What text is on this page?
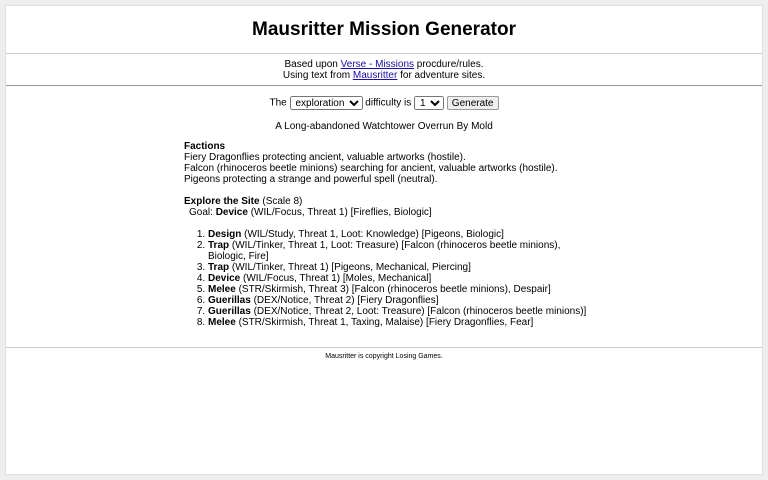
Mausritter Mission Generator
Based upon Verse - Missions procdure/rules.
Using text from Mausritter for adventure sites.
The
exploration	difficulty is
1	Generate
A Long-abandoned Watchtower Overrun By Mold
Factions
Fiery Dragonflies protecting ancient, valuable artworks (hostile).
Falcon (rhinoceros beetle minions) searching for ancient, valuable artworks (hostile).
Pigeons protecting a strange and powerful spell (neutral).
Explore the Site (Scale 8)
Goal: Device (WIL/Focus, Threat 1) [Fireflies, Biologic]
1. Design (WIL/Study, Threat 1, Loot: Knowledge) [Pigeons, Biologic]
2. Trap (WIL/Tinker, Threat 1, Loot: Treasure) [Falcon (rhinoceros beetle minions), Biologic, Fire]
3. Trap (WIL/Tinker, Threat 1) [Pigeons, Mechanical, Piercing]
4. Device (WIL/Focus, Threat 1) [Moles, Mechanical]
5. Melee (STR/Skirmish, Threat 3) [Falcon (rhinoceros beetle minions), Despair]
6. Guerillas (DEX/Notice, Threat 2) [Fiery Dragonflies]
7. Guerillas (DEX/Notice, Threat 2, Loot: Treasure) [Falcon (rhinoceros beetle minions)]
8. Melee (STR/Skirmish, Threat 1, Taxing, Malaise) [Fiery Dragonflies, Fear]
Mausritter is copyright Losing Games.
